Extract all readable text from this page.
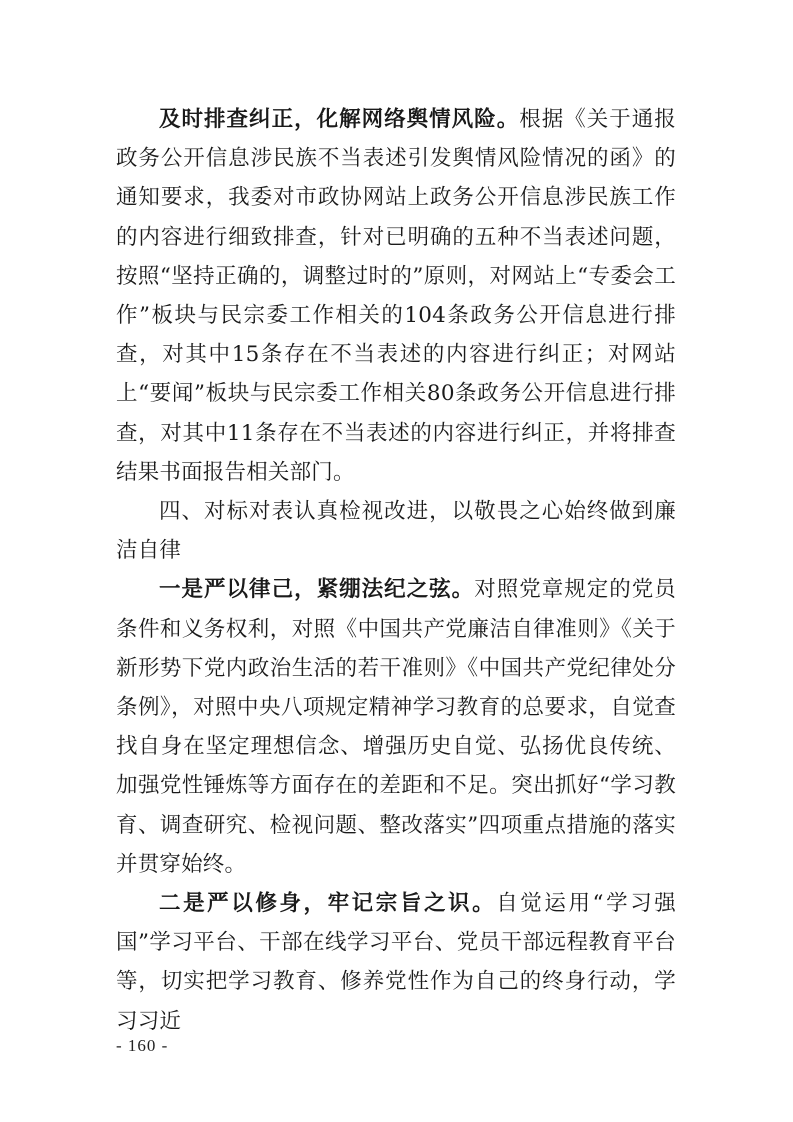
及时排查纠正，化解网络舆情风险。根据《关于通报政务公开信息涉民族不当表述引发舆情风险情况的函》的通知要求，我委对市政协网站上政务公开信息涉民族工作的内容进行细致排查，针对已明确的五种不当表述问题，按照“坚持正确的，调整过时的”原则，对网站上“专委会工作”板块与民宗委工作相关的104条政务公开信息进行排查，对其中15条存在不当表述的内容进行纠正；对网站上“要闻”板块与民宗委工作相关80条政务公开信息进行排查，对其中11条存在不当表述的内容进行纠正，并将排查结果书面报告相关部门。

四、对标对表认真检视改进，以敬畏之心始终做到廉洁自律

一是严以律己，紧绷法纪之弦。对照党章规定的党员条件和义务权利，对照《中国共产党廉洁自律准则》《关于新形势下党内政治生活的若干准则》《中国共产党纪律处分条例》，对照中央八项规定精神学习教育的总要求，自觉查找自身在坚定理想信念、增强历史自觉、弘扬优良传统、加强党性锤炼等方面存在的差距和不足。突出抓好“学习教育、调查研究、检视问题、整改落实”四项重点措施的落实并贯穿始终。

二是严以修身，牢记宗旨之识。自觉运用“学习强国”学习平台、干部在线学习平台、党员干部远程教育平台等，切实把学习教育、修养党性作为自己的终身行动，学习习近

- 160 -
